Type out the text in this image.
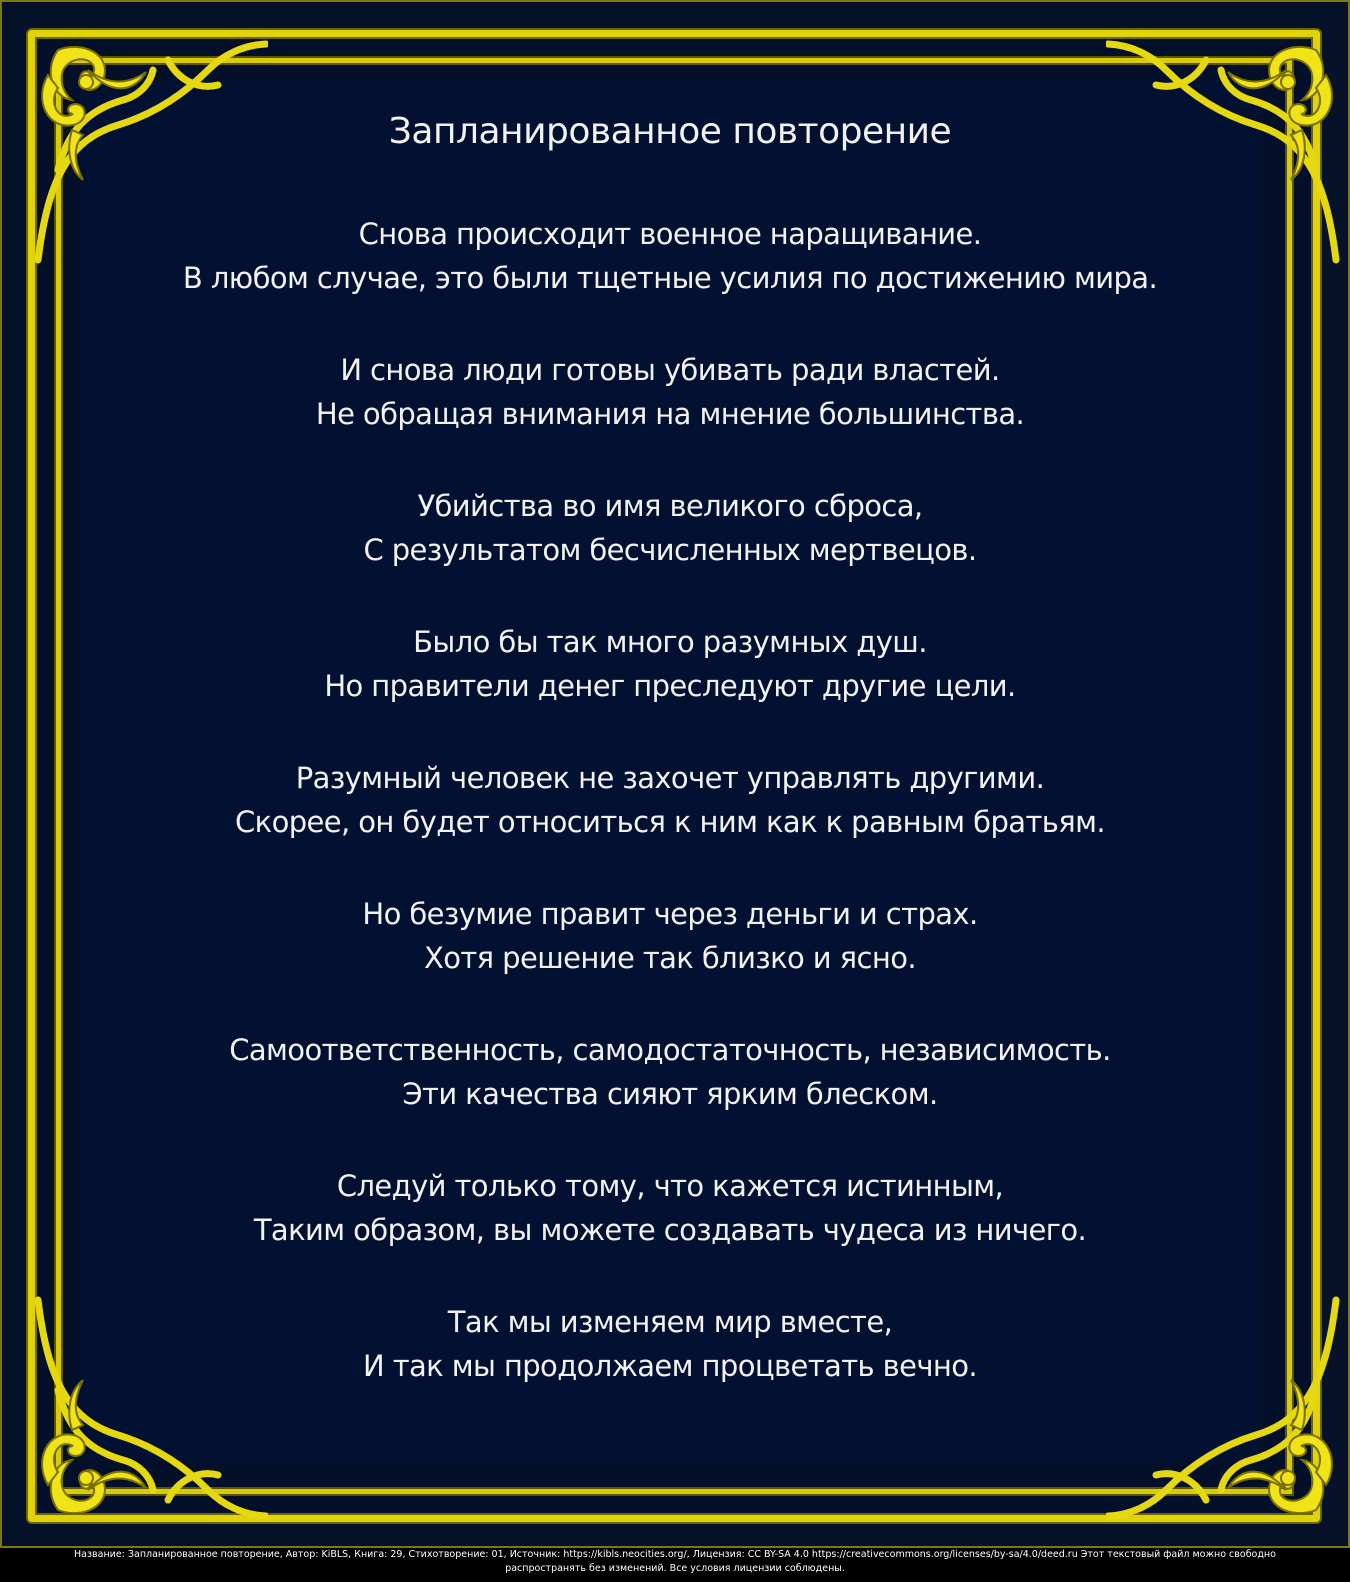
Запланированное повторение
Снова происходит военное наращивание.
В любом случае, это были тщетные усилия по достижению мира.
И снова люди готовы убивать ради властей.
Не обращая внимания на мнение большинства.
Убийства во имя великого сброса,
С результатом бесчисленных мертвецов.
Было бы так много разумных душ.
Но правители денег преследуют другие цели.
Разумный человек не захочет управлять другими.
Скорее, он будет относиться к ним как к равным братьям.
Но безумие правит через деньги и страх.
Хотя решение так близко и ясно.
Самоответственность, самодостаточность, независимость.
Эти качества сияют ярким блеском.
Следуй только тому, что кажется истинным,
Таким образом, вы можете создавать чудеса из ничего.
Так мы изменяем мир вместе,
И так мы продолжаем процветать вечно.
Название: Запланированное повторение, Автор: KiBLS, Книга: 29, Стихотворение: 01, Источник: https://kibls.neocities.org/, Лицензия: CC BY-SA 4.0 https://creativecommons.org/licenses/by-sa/4.0/deed.ru Этот текстовый файл можно свободно
распространять без изменений. Все условия лицензии соблюдены.
